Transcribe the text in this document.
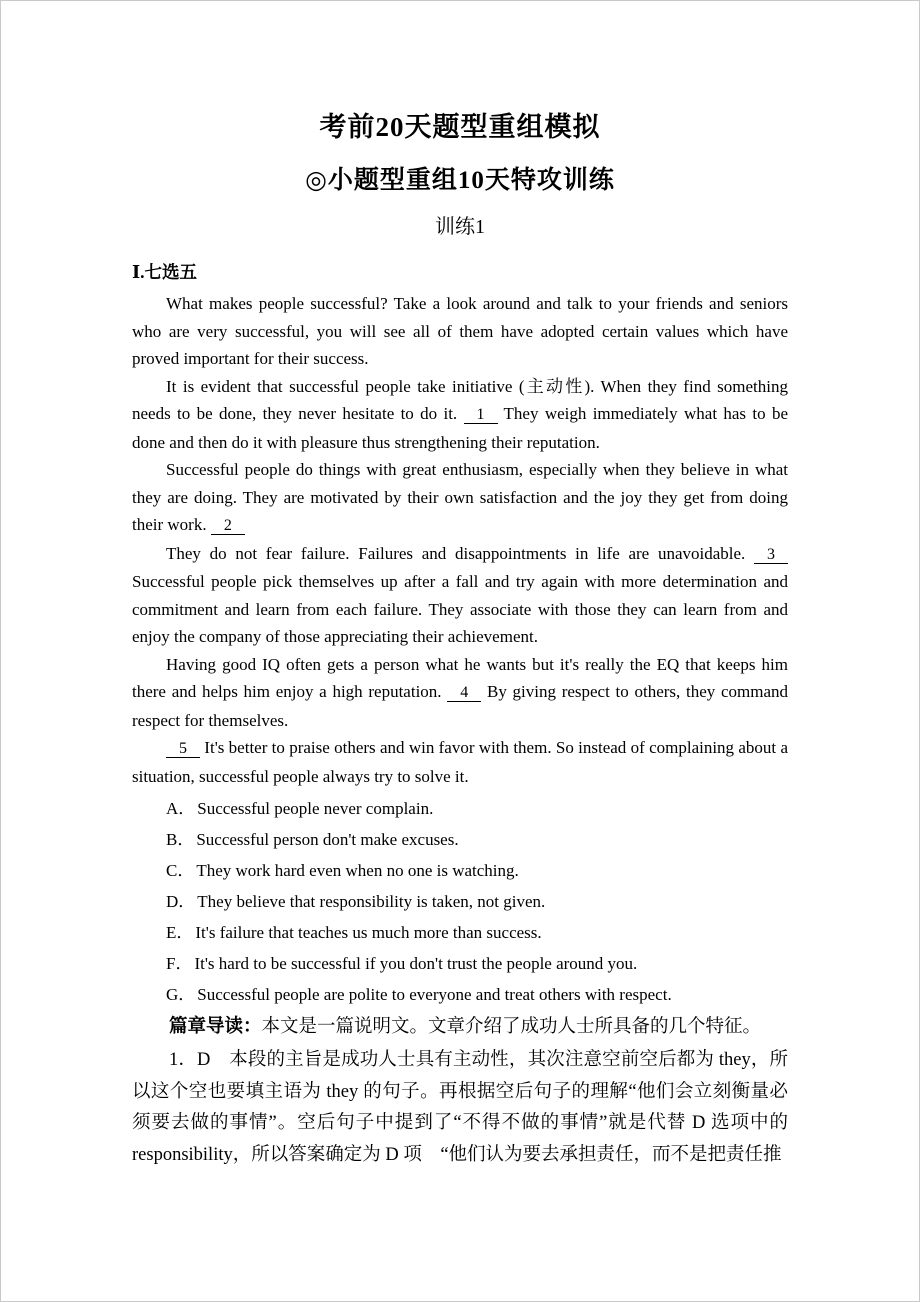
考前20天题型重组模拟
◎小题型重组10天特攻训练
训练1
Ⅰ.七选五

What makes people successful? Take a look around and talk to your friends and seniors who are very successful, you will see all of them have adopted certain values which have proved important for their success.

It is evident that successful people take initiative (主动性). When they find something needs to be done, they never hesitate to do it. 1 They weigh immediately what has to be done and then do it with pleasure thus strengthening their reputation.

Successful people do things with great enthusiasm, especially when they believe in what they are doing. They are motivated by their own satisfaction and the joy they get from doing their work. 2

They do not fear failure. Failures and disappointments in life are unavoidable. 3 Successful people pick themselves up after a fall and try again with more determination and commitment and learn from each failure. They associate with those they can learn from and enjoy the company of those appreciating their achievement.

Having good IQ often gets a person what he wants but it's really the EQ that keeps him there and helps him enjoy a high reputation. 4 By giving respect to others, they command respect for themselves.

5 It's better to praise others and win favor with them. So instead of complaining about a situation, successful people always try to solve it.

A． Successful people never complain.

B． Successful person don't make excuses.

C． They work hard even when no one is watching.

D． They believe that responsibility is taken, not given.

E． It's failure that teaches us much more than success.

F． It's hard to be successful if you don't trust the people around you.

G． Successful people are polite to everyone and treat others with respect.

篇章导读：本文是一篇说明文。文章介绍了成功人士所具备的几个特征。

1．D　本段的主旨是成功人士具有主动性，其次注意空前空后都为 they，所以这个空也要填主语为 they 的句子。再根据空后句子的理解“他们会立刻衡量必须要去做的事情”。空后句子中提到了“不得不做的事情”就是代替 D 选项中的 responsibility，所以答案确定为 D 项　“他们认为要去承担责任，而不是把责任推
